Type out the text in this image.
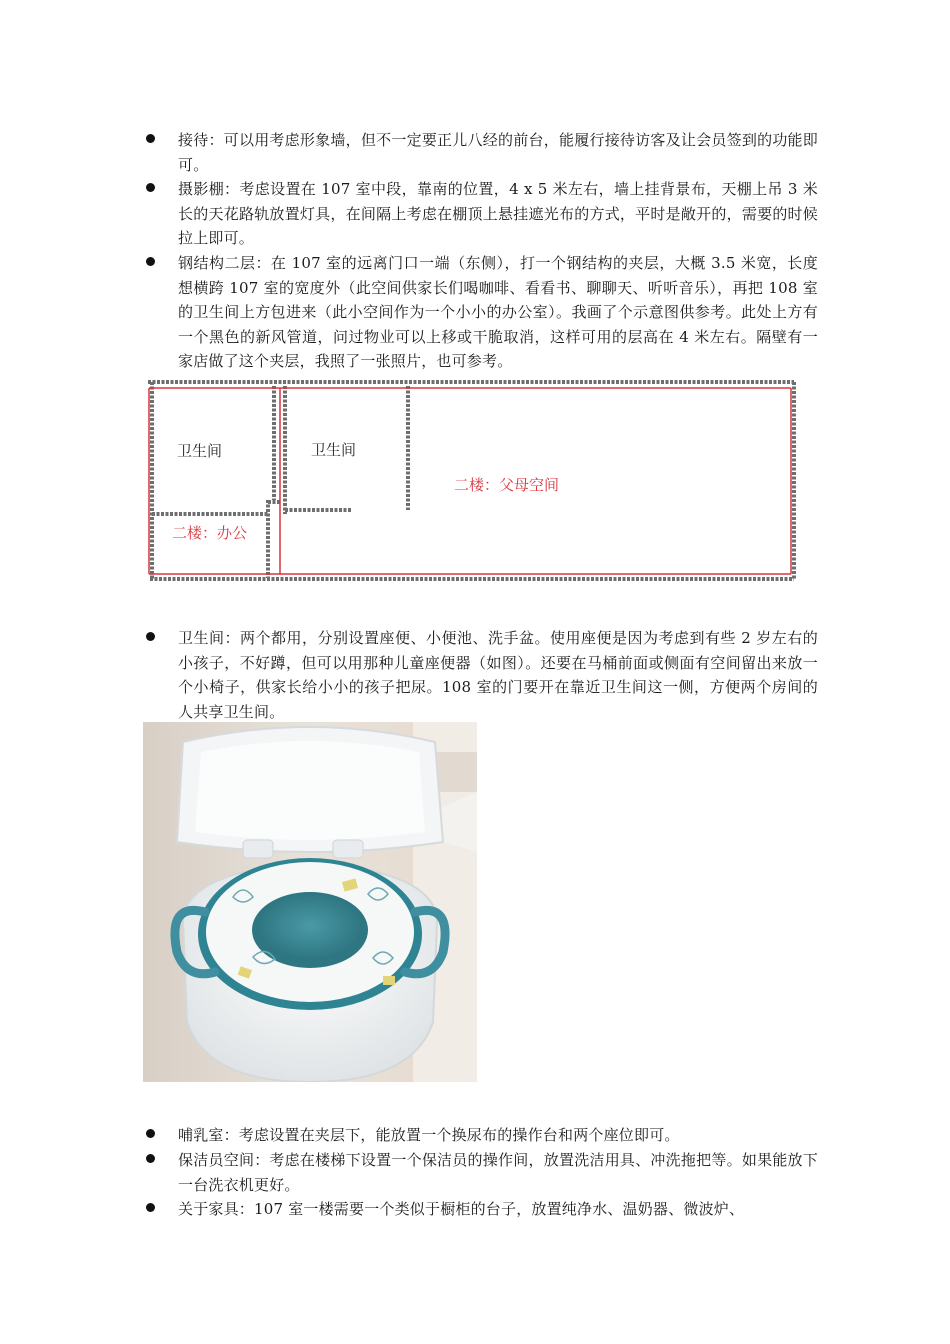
接待：可以用考虑形象墙，但不一定要正儿八经的前台，能履行接待访客及让会员签到的功能即可。
摄影棚：考虑设置在 107 室中段，靠南的位置，4 x 5 米左右，墙上挂背景布，天棚上吊 3 米长的天花路轨放置灯具，在间隔上考虑在棚顶上悬挂遮光布的方式，平时是敞开的，需要的时候拉上即可。
钢结构二层：在 107 室的远离门口一端（东侧），打一个钢结构的夹层，大概 3.5 米宽，长度想横跨 107 室的宽度外（此空间供家长们喝咖啡、看看书、聊聊天、听听音乐），再把 108 室的卫生间上方包进来（此小空间作为一个小小的办公室）。我画了个示意图供参考。此处上方有一个黑色的新风管道，问过物业可以上移或干脆取消，这样可用的层高在 4 米左右。隔壁有一家店做了这个夹层，我照了一张照片，也可参考。
卫生间	卫生间
二楼：父母空间
二楼：办公
卫生间：两个都用，分别设置座便、小便池、洗手盆。使用座便是因为考虑到有些 2 岁左右的小孩子，不好蹲，但可以用那种儿童座便器（如图）。还要在马桶前面或侧面有空间留出来放一个小椅子，供家长给小小的孩子把尿。108 室的门要开在靠近卫生间这一侧，方便两个房间的人共享卫生间。
哺乳室：考虑设置在夹层下，能放置一个换尿布的操作台和两个座位即可。
保洁员空间：考虑在楼梯下设置一个保洁员的操作间，放置洗洁用具、冲洗拖把等。如果能放下一台洗衣机更好。
关于家具：107 室一楼需要一个类似于橱柜的台子，放置纯净水、温奶器、微波炉、
